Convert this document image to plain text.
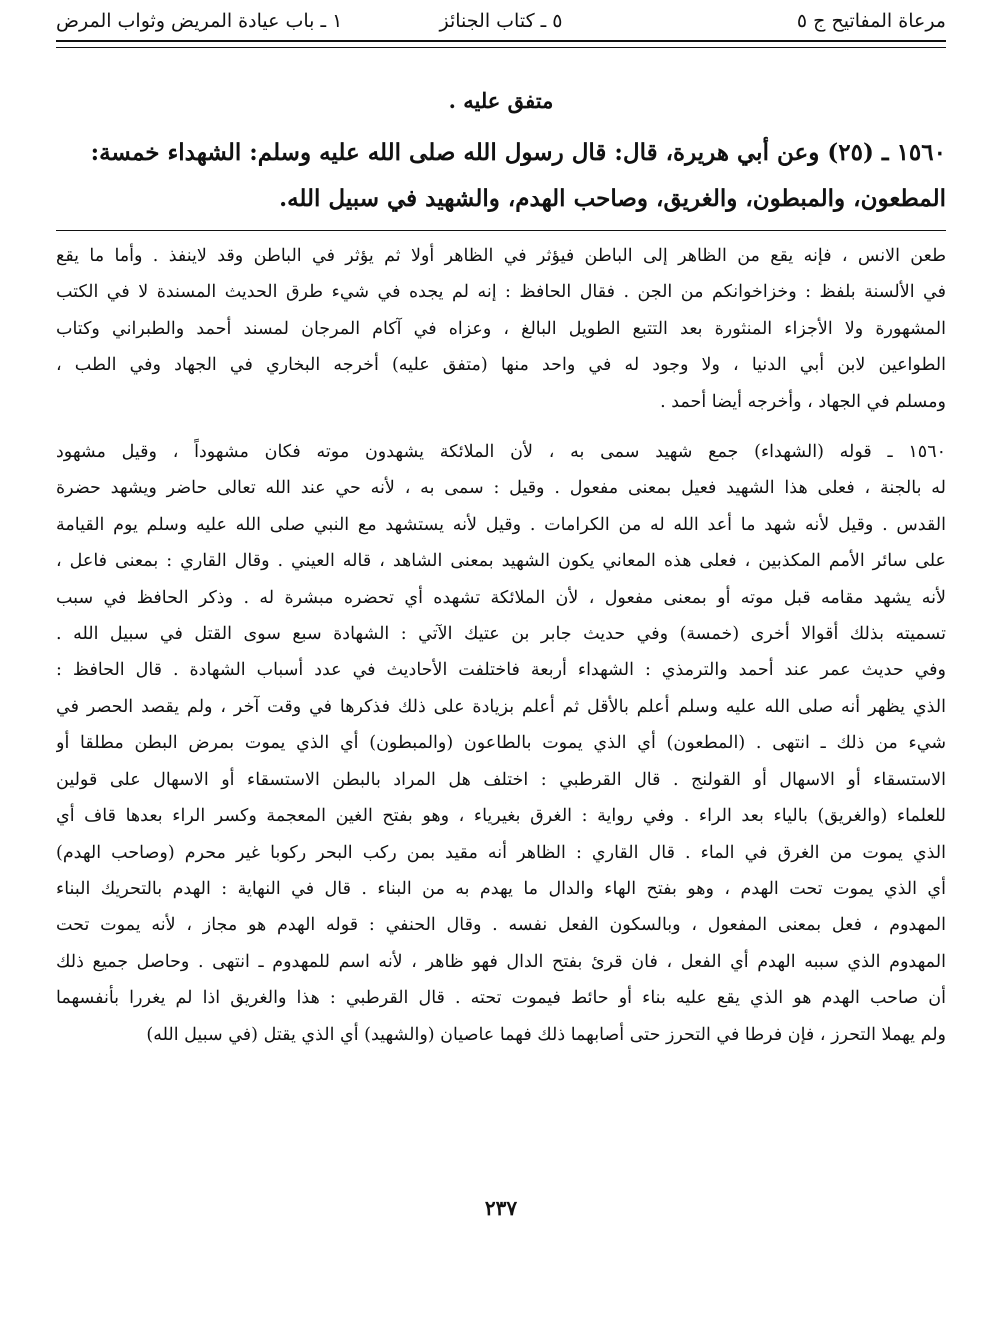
مرعاة المفاتيح ج ٥
٥ ـ كتاب الجنائز
١ ـ باب عيادة المريض وثواب المرض
متفق عليه .
١٥٦٠ ـ (٢٥) وعن أبي هريرة، قال: قال رسول الله صلى الله عليه وسلم: الشهداء خمسة:
المطعون، والمبطون، والغريق، وصاحب الهدم، والشهيد في سبيل الله.
طعن الانس ، فإنه يقع من الظاهر إلى الباطن فيؤثر في الظاهر أولا ثم يؤثر في الباطن وقد لاينفذ . وأما ما يقع
في الألسنة بلفظ : وخزاخوانكم من الجن . فقال الحافظ : إنه لم يجده في شيء طرق الحديث المسندة لا في الكتب
المشهورة ولا الأجزاء المنثورة بعد التتبع الطويل البالغ ، وعزاه في آكام المرجان لمسند أحمد والطبراني وكتاب
الطواعين لابن أبي الدنيا ، ولا وجود له في واحد منها (متفق عليه) أخرجه البخاري في الجهاد وفي الطب ،
ومسلم في الجهاد ، وأخرجه أيضا أحمد .
١٥٦٠ ـ قوله (الشهداء) جمع شهيد سمى به ، لأن الملائكة يشهدون موته فكان مشهوداً ، وقيل مشهود
له بالجنة ، فعلى هذا الشهيد فعيل بمعنى مفعول . وقيل : سمى به ، لأنه حي عند الله تعالى حاضر ويشهد حضرة
القدس . وقيل لأنه شهد ما أعد الله له من الكرامات . وقيل لأنه يستشهد مع النبي صلى الله عليه وسلم يوم القيامة
على سائر الأمم المكذبين ، فعلى هذه المعاني يكون الشهيد بمعنى الشاهد ، قاله العيني . وقال القاري : بمعنى فاعل ،
لأنه يشهد مقامه قبل موته أو بمعنى مفعول ، لأن الملائكة تشهده أي تحضره مبشرة له . وذكر الحافظ في سبب
تسميته بذلك أقوالا أخرى (خمسة) وفي حديث جابر بن عتيك الآتي : الشهادة سبع سوى القتل في سبيل الله .
وفي حديث عمر عند أحمد والترمذي : الشهداء أربعة فاختلفت الأحاديث في عدد أسباب الشهادة . قال الحافظ :
الذي يظهر أنه صلى الله عليه وسلم أعلم بالأقل ثم أعلم بزيادة على ذلك فذكرها في وقت آخر ، ولم يقصد الحصر في
شيء من ذلك ـ انتهى . (المطعون) أي الذي يموت بالطاعون (والمبطون) أي الذي يموت بمرض البطن مطلقا أو
الاستسقاء أو الاسهال أو القولنج . قال القرطبي : اختلف هل المراد بالبطن الاستسقاء أو الاسهال على قولين
للعلماء (والغريق) بالياء بعد الراء . وفي رواية : الغرق بغيرياء ، وهو بفتح الغين المعجمة وكسر الراء بعدها قاف أي
الذي يموت من الغرق في الماء . قال القاري : الظاهر أنه مقيد بمن ركب البحر ركوبا غير محرم (وصاحب الهدم)
أي الذي يموت تحت الهدم ، وهو بفتح الهاء والدال ما يهدم به من البناء . قال في النهاية : الهدم بالتحريك البناء
المهدوم ، فعل بمعنى المفعول ، وبالسكون الفعل نفسه . وقال الحنفي : قوله الهدم هو مجاز ، لأنه يموت تحت
المهدوم الذي سببه الهدم أي الفعل ، فان قرئ بفتح الدال فهو ظاهر ، لأنه اسم للمهدوم ـ انتهى . وحاصل جميع ذلك
أن صاحب الهدم هو الذي يقع عليه بناء أو حائط فيموت تحته . قال القرطبي : هذا والغريق اذا لم يغررا بأنفسهما
ولم يهملا التحرز ، فإن فرطا في التحرز حتى أصابهما ذلك فهما عاصيان (والشهيد) أي الذي يقتل (في سبيل الله)
٢٣٧
